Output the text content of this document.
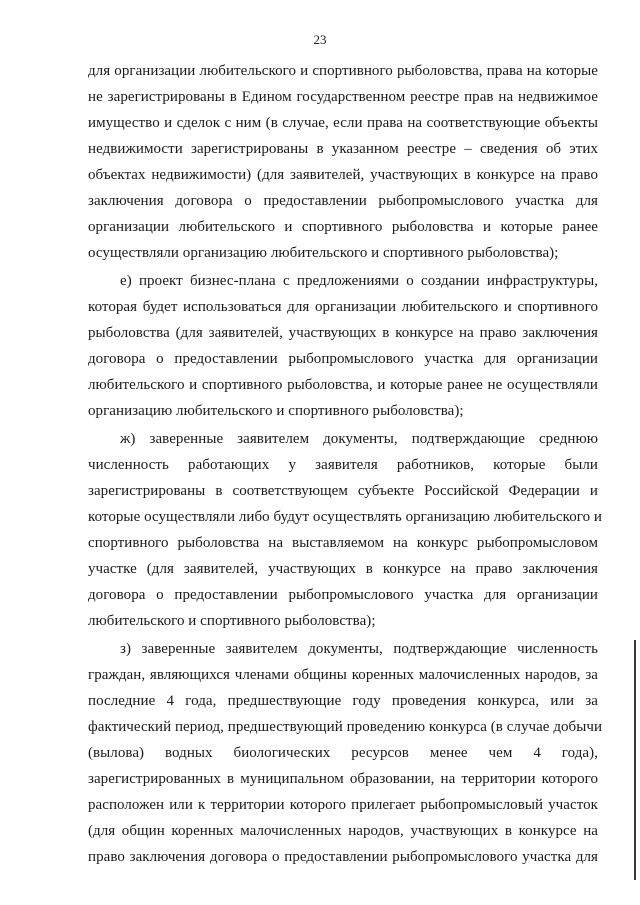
23
для организации любительского и спортивного рыболовства, права на которые
не зарегистрированы в Едином государственном реестре прав на недвижимое
имущество и сделок с ним (в случае, если права на соответствующие объекты
недвижимости зарегистрированы в указанном реестре – сведения об этих
объектах недвижимости) (для заявителей, участвующих в конкурсе на право
заключения договора о предоставлении рыбопромыслового участка для
организации любительского и спортивного рыболовства и которые ранее
осуществляли организацию любительского и спортивного рыболовства);
е) проект бизнес-плана с предложениями о создании инфраструктуры,
которая будет использоваться для организации любительского и спортивного
рыболовства (для заявителей, участвующих в конкурсе на право заключения
договора о предоставлении рыбопромыслового участка для организации
любительского и спортивного рыболовства, и которые ранее не осуществляли
организацию любительского и спортивного рыболовства);
ж) заверенные заявителем документы, подтверждающие среднюю
численность работающих у заявителя работников, которые были
зарегистрированы в соответствующем субъекте Российской Федерации и
которые осуществляли либо будут осуществлять организацию любительского и
спортивного рыболовства на выставляемом на конкурс рыбопромысловом
участке (для заявителей, участвующих в конкурсе на право заключения
договора о предоставлении рыбопромыслового участка для организации
любительского и спортивного рыболовства);
з) заверенные заявителем документы, подтверждающие численность
граждан, являющихся членами общины коренных малочисленных народов, за
последние 4 года, предшествующие году проведения конкурса, или за
фактический период, предшествующий проведению конкурса (в случае добычи
(вылова) водных биологических ресурсов менее чем 4 года),
зарегистрированных в муниципальном образовании, на территории которого
расположен или к территории которого прилегает рыбопромысловый участок
(для общин коренных малочисленных народов, участвующих в конкурсе на
право заключения договора о предоставлении рыбопромыслового участка для
